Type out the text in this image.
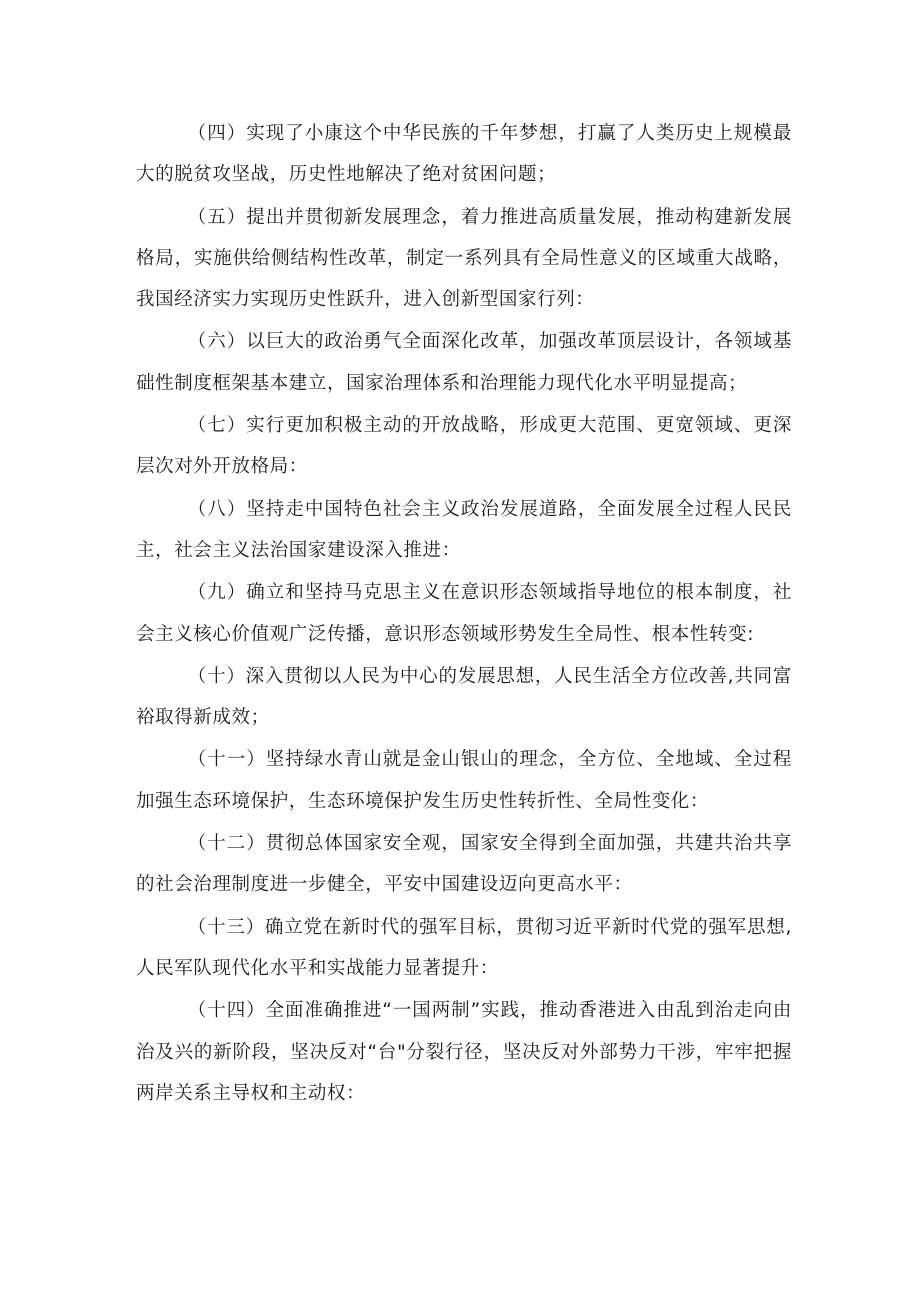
（四）实现了小康这个中华民族的千年梦想，打赢了人类历史上规模最大的脱贫攻坚战，历史性地解决了绝对贫困问题；

（五）提出并贯彻新发展理念，着力推进高质量发展，推动构建新发展格局，实施供给侧结构性改革，制定一系列具有全局性意义的区域重大战略，我国经济实力实现历史性跃升，进入创新型国家行列：

（六）以巨大的政治勇气全面深化改革，加强改革顶层设计，各领域基础性制度框架基本建立，国家治理体系和治理能力现代化水平明显提高；

（七）实行更加积极主动的开放战略，形成更大范围、更宽领域、更深层次对外开放格局：

（八）坚持走中国特色社会主义政治发展道路，全面发展全过程人民民主，社会主义法治国家建设深入推进：

（九）确立和坚持马克思主义在意识形态领域指导地位的根本制度，社会主义核心价值观广泛传播，意识形态领域形势发生全局性、根本性转变:

（十）深入贯彻以人民为中心的发展思想，人民生活全方位改善,共同富裕取得新成效；

（十一）坚持绿水青山就是金山银山的理念，全方位、全地域、全过程加强生态环境保护，生态环境保护发生历史性转折性、全局性变化：

（十二）贯彻总体国家安全观，国家安全得到全面加强，共建共治共享的社会治理制度进一步健全，平安中国建设迈向更高水平：

（十三）确立党在新时代的强军目标，贯彻习近平新时代党的强军思想,人民军队现代化水平和实战能力显著提升：

（十四）全面准确推进“一国两制”实践，推动香港进入由乱到治走向由治及兴的新阶段，坚决反对“台"分裂行径，坚决反对外部势力干涉，牢牢把握两岸关系主导权和主动权：
